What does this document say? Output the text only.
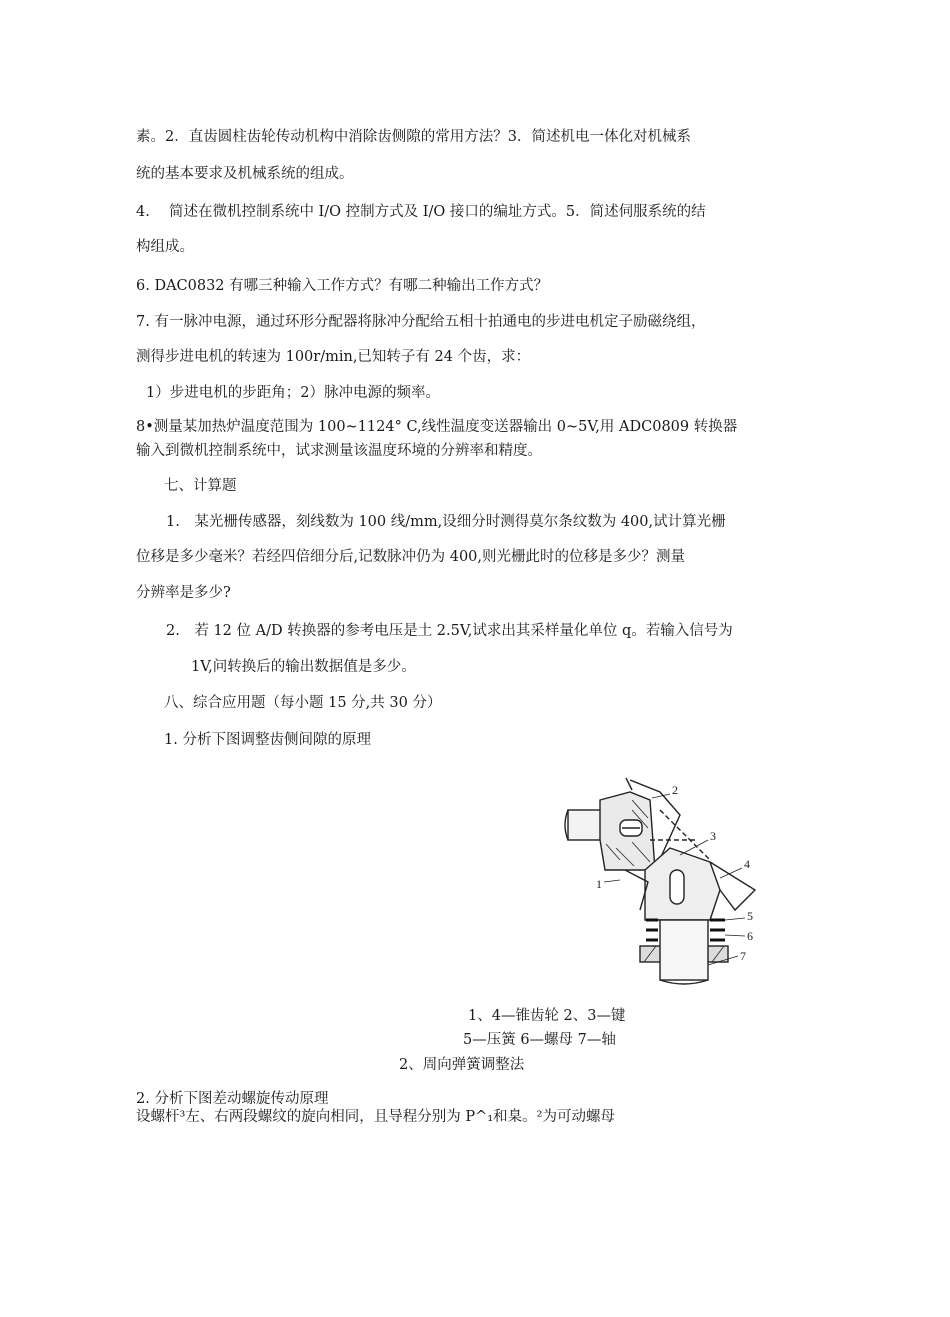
素。2．直齿圆柱齿轮传动机构中消除齿侧隙的常用方法？3．简述机电一体化对机械系
统的基本要求及机械系统的组成。
4.　 简述在微机控制系统中 I/O 控制方式及 I/O 接口的编址方式。5．简述伺服系统的结
构组成。
6. DAC0832 有哪三种输入工作方式？有哪二种输出工作方式？
7. 有一脉冲电源，通过环形分配器将脉冲分配给五相十拍通电的步进电机定子励磁绕组，
测得步进电机的转速为 100r/min,已知转子有 24 个齿，求：
1）步进电机的步距角；2）脉冲电源的频率。
8•测量某加热炉温度范围为 100~1124° C,线性温度变送器输出 0~5V,用 ADC0809 转换器
输入到微机控制系统中，试求测量该温度环境的分辨率和精度。
七、计算题
1.　某光栅传感器，刻线数为 100 线/mm,设细分时测得莫尔条纹数为 400,试计算光栅
位移是多少毫米？若经四倍细分后,记数脉冲仍为 400,则光栅此时的位移是多少？测量
分辨率是多少?
2.　若 12 位 A/D 转换器的参考电压是土 2.5V,试求出其采样量化单位 q。若输入信号为
1V,问转换后的输出数据值是多少。
八、综合应用题（每小题 15 分,共 30 分）
1. 分析下图调整齿侧间隙的原理
2
3
4
5
6
7
1
1、4—锥齿轮 2、3—键
5—压簧 6—螺母 7—轴
2、周向弹簧调整法
2. 分析下图差动螺旋传动原理
设螺杆³左、右两段螺纹的旋向相同，且导程分别为 P^₁和臬。²为可动螺母
